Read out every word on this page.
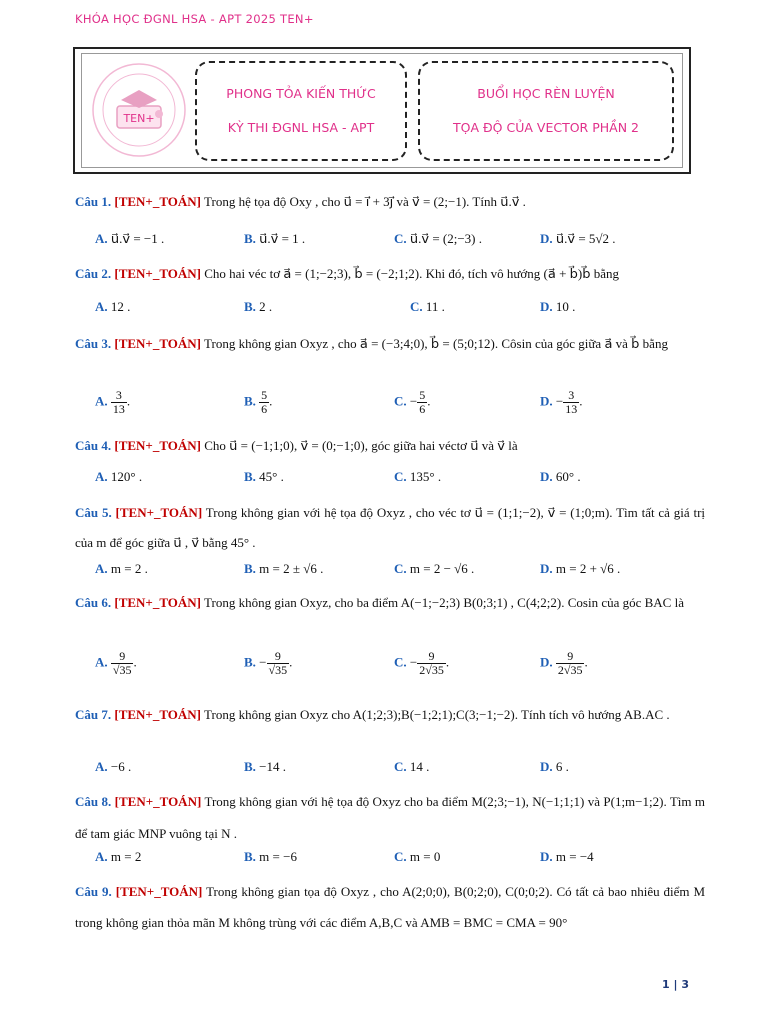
KHÓA HỌC ĐGNL HSA - APT 2025 TEN+
TEN+
PHONG TỎA KIẾN THỨC
KỲ THI ĐGNL HSA - APT
BUỔI HỌC RÈN LUYỆN
TỌA ĐỘ CỦA VECTOR PHẦN 2
Câu 1. [TEN+_TOÁN] Trong hệ tọa độ Oxy , cho u⃗ = i⃗ + 3j⃗ và v⃗ = (2;−1). Tính u⃗.v⃗ .
A. u⃗.v⃗ = −1 .	B. u⃗.v⃗ = 1 .	C. u⃗.v⃗ = (2;−3) .	D. u⃗.v⃗ = 5√2 .
Câu 2. [TEN+_TOÁN] Cho hai véc tơ a⃗ = (1;−2;3), b⃗ = (−2;1;2). Khi đó, tích vô hướng (a⃗ + b⃗)b⃗ bằng
A. 12 .	B. 2 .	C. 11 .	D. 10 .
Câu 3. [TEN+_TOÁN] Trong không gian Oxyz , cho a⃗ = (−3;4;0), b⃗ = (5;0;12). Côsin của góc giữa a⃗ và b⃗ bằng
A. $\frac{3}{13}$ .	B. $\frac{5}{6}$ .	C. − $\frac{5}{6}$ .	D. − $\frac{3}{13}$ .
Câu 4. [TEN+_TOÁN] Cho u⃗ = (−1;1;0), v⃗ = (0;−1;0), góc giữa hai véctơ u⃗ và v⃗ là
A. 120° .	B. 45° .	C. 135° .	D. 60° .
Câu 5. [TEN+_TOÁN] Trong không gian với hệ tọa độ Oxyz , cho véc tơ u⃗ = (1;1;−2), v⃗ = (1;0;m). Tìm tất cả giá trị của m để góc giữa u⃗ , v⃗ bằng 45° .
A. m = 2 .	B. m = 2 ± √6 .	C. m = 2 − √6 .	D. m = 2 + √6 .
Câu 6. [TEN+_TOÁN] Trong không gian Oxyz, cho ba điểm A(−1;−2;3) B(0;3;1) , C(4;2;2). Cosin của góc BAC là
A. $\frac{9}{√35}$ .	B. − $\frac{9}{√35}$ .	C. − $\frac{9}{2√35}$ .	D. $\frac{9}{2√35}$ .
Câu 7. [TEN+_TOÁN] Trong không gian Oxyz cho A(1;2;3);B(−1;2;1);C(3;−1;−2). Tính tích vô hướng AB.AC .
A. −6 .	B. −14 .	C. 14 .	D. 6 .
Câu 8. [TEN+_TOÁN] Trong không gian với hệ tọa độ Oxyz cho ba điểm M(2;3;−1), N(−1;1;1) và P(1;m−1;2). Tìm m để tam giác MNP vuông tại N .
A. m = 2	B. m = −6	C. m = 0	D. m = −4
Câu 9. [TEN+_TOÁN] Trong không gian tọa độ Oxyz , cho A(2;0;0), B(0;2;0), C(0;0;2). Có tất cả bao nhiêu điểm M trong không gian thỏa mãn M không trùng với các điểm A,B,C và AMB = BMC = CMA = 90°
1 | 3
